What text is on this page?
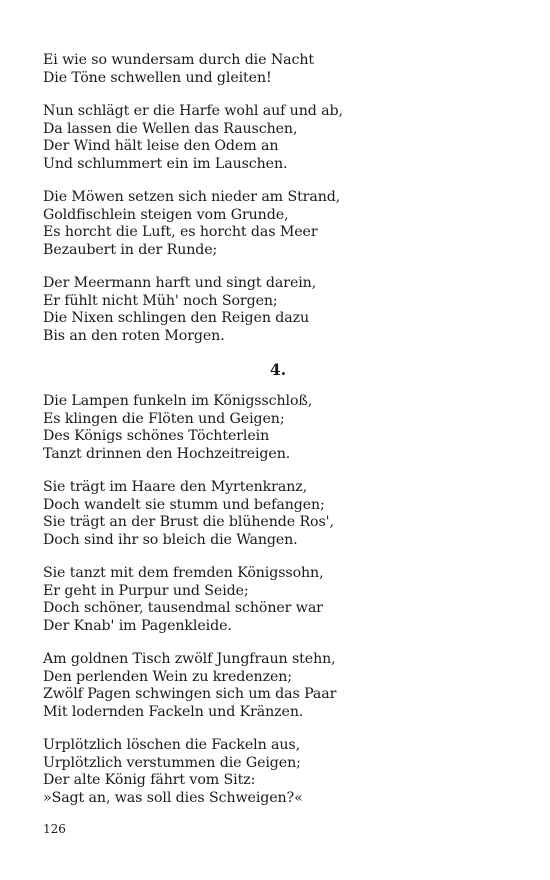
Ei wie so wundersam durch die Nacht
Die Töne schwellen und gleiten!
Nun schlägt er die Harfe wohl auf und ab,
Da lassen die Wellen das Rauschen,
Der Wind hält leise den Odem an
Und schlummert ein im Lauschen.
Die Möwen setzen sich nieder am Strand,
Goldfischlein steigen vom Grunde,
Es horcht die Luft, es horcht das Meer
Bezaubert in der Runde;
Der Meermann harft und singt darein,
Er fühlt nicht Müh' noch Sorgen;
Die Nixen schlingen den Reigen dazu
Bis an den roten Morgen.
4.
Die Lampen funkeln im Königsschloß,
Es klingen die Flöten und Geigen;
Des Königs schönes Töchterlein
Tanzt drinnen den Hochzeitreigen.
Sie trägt im Haare den Myrtenkranz,
Doch wandelt sie stumm und befangen;
Sie trägt an der Brust die blühende Ros',
Doch sind ihr so bleich die Wangen.
Sie tanzt mit dem fremden Königssohn,
Er geht in Purpur und Seide;
Doch schöner, tausendmal schöner war
Der Knab' im Pagenkleide.
Am goldnen Tisch zwölf Jungfraun stehn,
Den perlenden Wein zu kredenzen;
Zwölf Pagen schwingen sich um das Paar
Mit lodernden Fackeln und Kränzen.
Urplötzlich löschen die Fackeln aus,
Urplötzlich verstummen die Geigen;
Der alte König fährt vom Sitz:
»Sagt an, was soll dies Schweigen?«
126
